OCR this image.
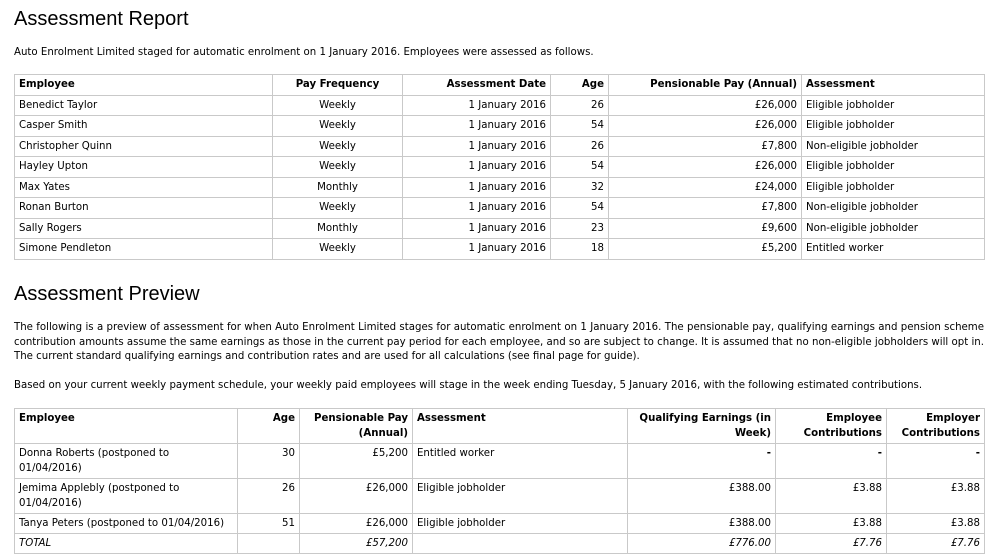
Assessment Report

Auto Enrolment Limited staged for automatic enrolment on 1 January 2016. Employees were assessed as follows.

Employee	Pay Frequency	Assessment Date	Age	Pensionable Pay (Annual)	Assessment
Benedict Taylor	Weekly	1 January 2016	26	£26,000	Eligible jobholder
Casper Smith	Weekly	1 January 2016	54	£26,000	Eligible jobholder
Christopher Quinn	Weekly	1 January 2016	26	£7,800	Non-eligible jobholder
Hayley Upton	Weekly	1 January 2016	54	£26,000	Eligible jobholder
Max Yates	Monthly	1 January 2016	32	£24,000	Eligible jobholder
Ronan Burton	Weekly	1 January 2016	54	£7,800	Non-eligible jobholder
Sally Rogers	Monthly	1 January 2016	23	£9,600	Non-eligible jobholder
Simone Pendleton	Weekly	1 January 2016	18	£5,200	Entitled worker
Assessment Preview

The following is a preview of assessment for when Auto Enrolment Limited stages for automatic enrolment on 1 January 2016. The pensionable pay, qualifying earnings and pension scheme contribution amounts assume the same earnings as those in the current pay period for each employee, and so are subject to change. It is assumed that no non-eligible jobholders will opt in. The current standard qualifying earnings and contribution rates and are used for all calculations (see final page for guide).

Based on your current weekly payment schedule, your weekly paid employees will stage in the week ending Tuesday, 5 January 2016, with the following estimated contributions.

Employee	Age	Pensionable Pay (Annual)	Assessment	Qualifying Earnings (in Week)	Employee Contributions	Employer Contributions
Donna Roberts (postponed to 01/04/2016)	30	£5,200	Entitled worker	-	-	-
Jemima Applebly (postponed to 01/04/2016)	26	£26,000	Eligible jobholder	£388.00	£3.88	£3.88
Tanya Peters (postponed to 01/04/2016)	51	£26,000	Eligible jobholder	£388.00	£3.88	£3.88
TOTAL		£57,200		£776.00	£7.76	£7.76
